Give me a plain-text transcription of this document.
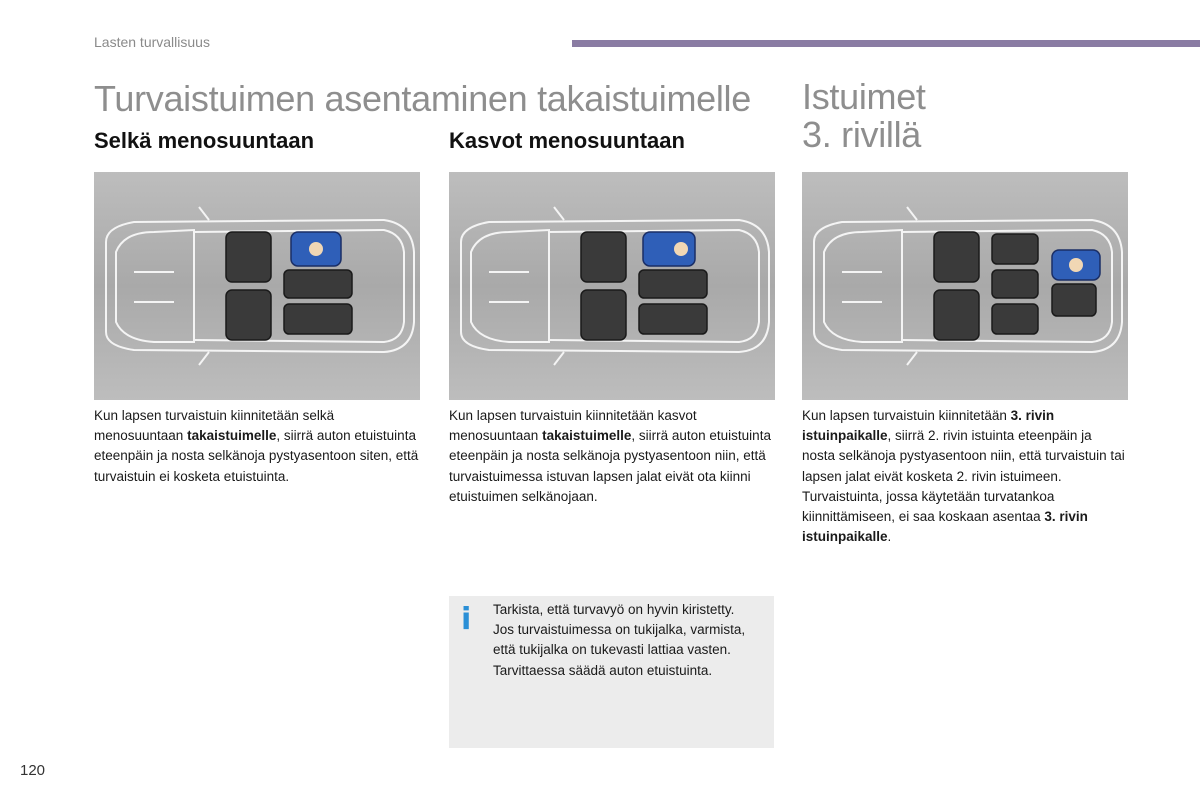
Lasten turvallisuus
Turvaistuimen asentaminen takaistuimelle Istuimet
3. rivillä
Selkä menosuuntaan	Kasvot menosuuntaan
Kun lapsen turvaistuin kiinnitetään selkä menosuuntaan takaistuimelle, siirrä auton etuistuinta eteenpäin ja nosta selkänoja pystyasentoon siten, että turvaistuin ei kosketa etuistuinta.
Kun lapsen turvaistuin kiinnitetään kasvot menosuuntaan takaistuimelle, siirrä auton etuistuinta eteenpäin ja nosta selkänoja pystyasentoon niin, että turvaistuimessa istuvan lapsen jalat eivät ota kiinni etuistuimen selkänojaan.
Kun lapsen turvaistuin kiinnitetään 3. rivin istuinpaikalle, siirrä 2. rivin istuinta eteenpäin ja nosta selkänoja pystyasentoon niin, että turvaistuin tai lapsen jalat eivät kosketa 2. rivin istuimeen.
Turvaistuinta, jossa käytetään turvatankoa kiinnittämiseen, ei saa koskaan asentaa 3. rivin istuinpaikalle.
i Tarkista, että turvavyö on hyvin kiristetty.
Jos turvaistuimessa on tukijalka, varmista, että tukijalka on tukevasti lattiaa vasten. Tarvittaessa säädä auton etuistuinta.
120
